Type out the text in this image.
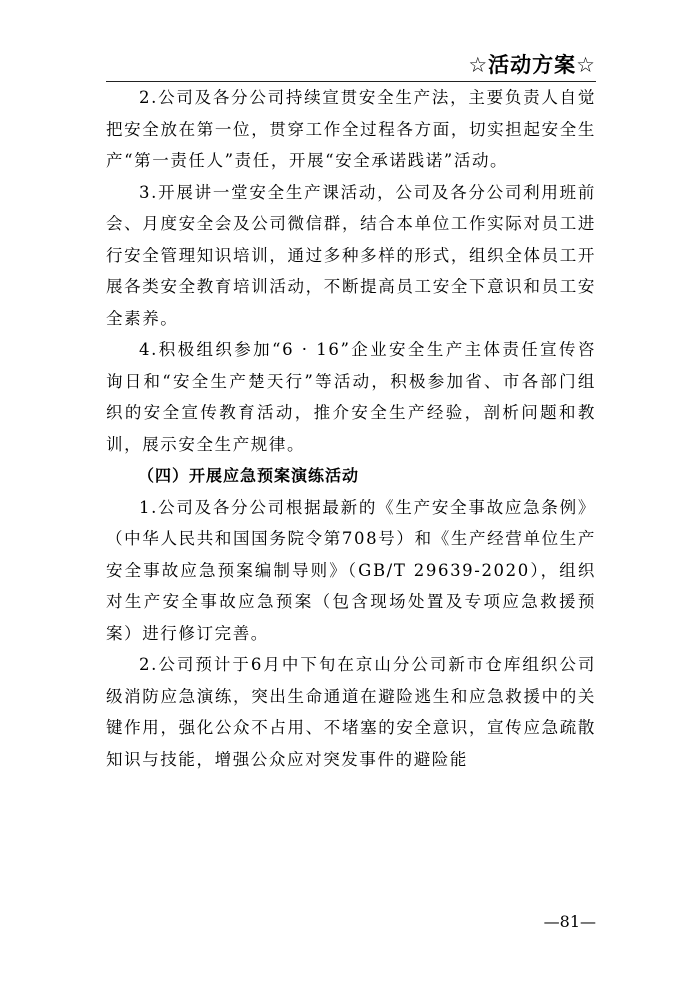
☆活动方案☆

2.公司及各分公司持续宣贯安全生产法，主要负责人自觉把安全放在第一位，贯穿工作全过程各方面，切实担起安全生产“第一责任人”责任，开展“安全承诺践诺”活动。

3.开展讲一堂安全生产课活动，公司及各分公司利用班前会、月度安全会及公司微信群，结合本单位工作实际对员工进行安全管理知识培训，通过多种多样的形式，组织全体员工开展各类安全教育培训活动，不断提高员工安全下意识和员工安全素养。

4.积极组织参加“6 · 16”企业安全生产主体责任宣传咨询日和“安全生产楚天行”等活动，积极参加省、市各部门组织的安全宣传教育活动，推介安全生产经验，剖析问题和教训，展示安全生产规律。

（四）开展应急预案演练活动

1.公司及各分公司根据最新的《生产安全事故应急条例》（中华人民共和国国务院令第708号）和《生产经营单位生产安全事故应急预案编制导则》（GB/T 29639-2020），组织对生产安全事故应急预案（包含现场处置及专项应急救援预案）进行修订完善。

2.公司预计于6月中下旬在京山分公司新市仓库组织公司级消防应急演练，突出生命通道在避险逃生和应急救援中的关键作用，强化公众不占用、不堵塞的安全意识，宣传应急疏散知识与技能，增强公众应对突发事件的避险能

—81—
